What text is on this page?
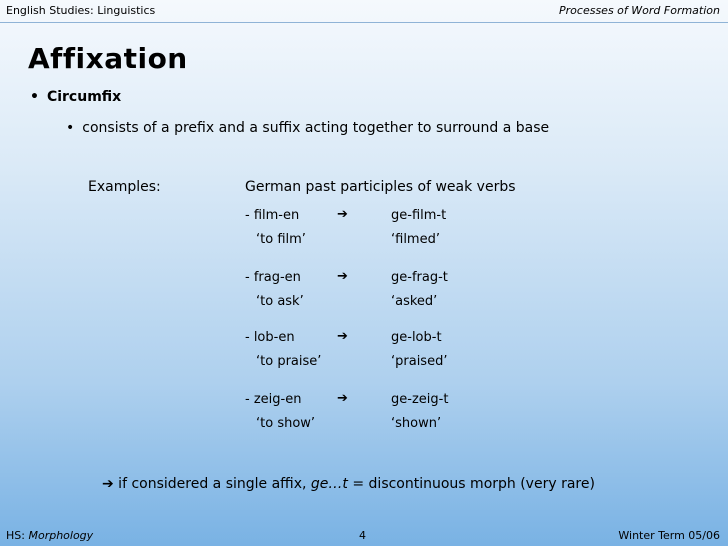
English Studies: Linguistics	Processes of Word Formation
Affixation
• Circumfix
• consists of a prefix and a suffix acting together to surround a base
Examples:	German past participles of weak verbs
- film-en	➔	ge-film-t
‘to film’	‘filmed’
- frag-en	➔	ge-frag-t
‘to ask’	‘asked’
- lob-en	➔	ge-lob-t
‘to praise’	‘praised’
- zeig-en	➔	ge-zeig-t
‘to show’	‘shown’
➔ if considered a single affix, ge…t = discontinuous morph (very rare)
HS: Morphology	4	Winter Term 05/06
